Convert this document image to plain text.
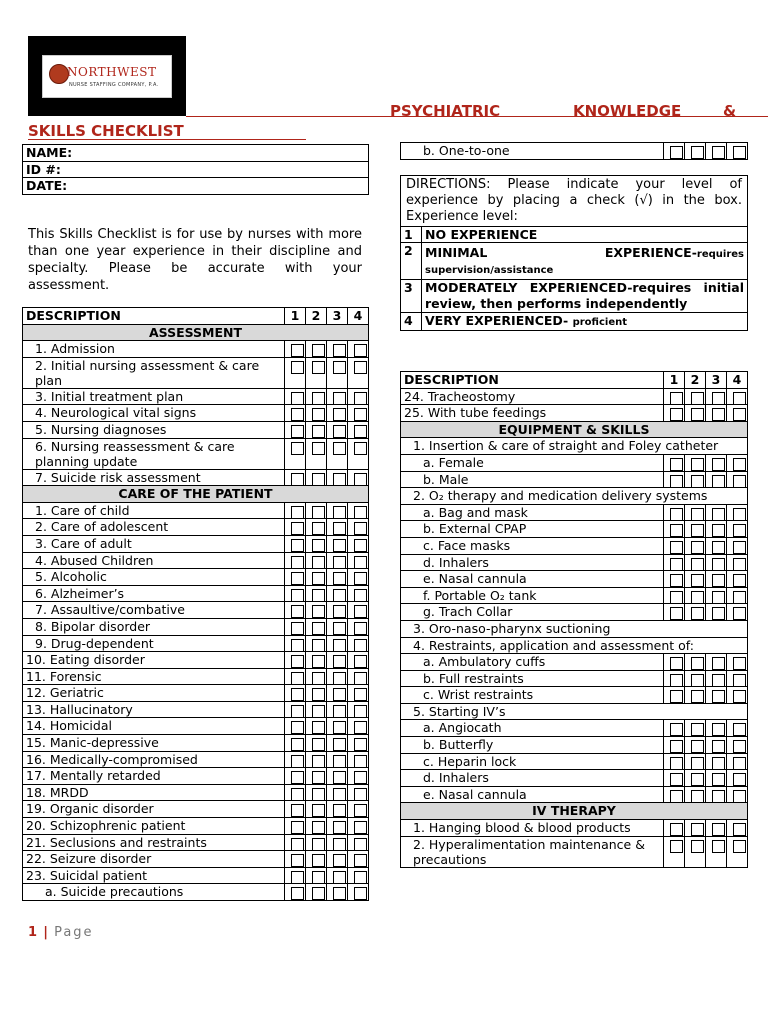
NORTHWEST
NURSE STAFFING COMPANY, P.A.
PSYCHIATRIC	KNOWLEDGE	&
SKILLS CHECKLIST
NAME:
ID #:
DATE:
This Skills Checklist is for use by nurses with more than one year experience in their discipline and specialty. Please be accurate with your assessment.
DESCRIPTION	1	2	3	4
ASSESSMENT				
1. Admission	

2. Initial nursing assessment & care plan	

3. Initial treatment plan	

4. Neurological vital signs	

5. Nursing diagnoses	

6. Nursing reassessment & care planning update	

7. Suicide risk assessment	

CARE OF THE PATIENT				
1. Care of child	

2. Care of adolescent	

3. Care of adult	

4. Abused Children	

5. Alcoholic	

6. Alzheimer’s	

7. Assaultive/combative	

8. Bipolar disorder	

9. Drug-dependent	

10. Eating disorder	

11. Forensic	

12. Geriatric	

13. Hallucinatory	

14. Homicidal	

15. Manic-depressive	

16. Medically-compromised	

17. Mentally retarded	

18. MRDD	

19. Organic disorder	

20. Schizophrenic patient	

21. Seclusions and restraints	

22. Seizure disorder	

23. Suicidal patient	

a. Suicide precautions	

b. One-to-one	

DIRECTIONS: Please indicate your level of experience by placing a check (√) in the box. Experience level:	
1	NO EXPERIENCE
2	MINIMAL EXPERIENCE-requires
supervision/assistance

3	MODERATELY EXPERIENCED-requires initial review, then performs independently
4	VERY EXPERIENCED- proficient
DESCRIPTION	1	2	3	4
24. Tracheostomy	

25. With tube feedings	

EQUIPMENT & SKILLS				
1. Insertion & care of straight and Foley catheter				
a. Female	

b. Male	

2. O₂ therapy and medication delivery systems				
a. Bag and mask	

b. External CPAP	

c. Face masks	

d. Inhalers	

e. Nasal cannula	

f. Portable O₂ tank	

g. Trach Collar	

3. Oro-naso-pharynx suctioning				
4. Restraints, application and assessment of:				
a. Ambulatory cuffs	

b. Full restraints	

c. Wrist restraints	

5. Starting IV’s				
a. Angiocath	

b. Butterfly	

c. Heparin lock	

d. Inhalers	

e. Nasal cannula	

IV THERAPY				
1. Hanging blood & blood products	

2. Hyperalimentation maintenance & precautions	

1 | Page
